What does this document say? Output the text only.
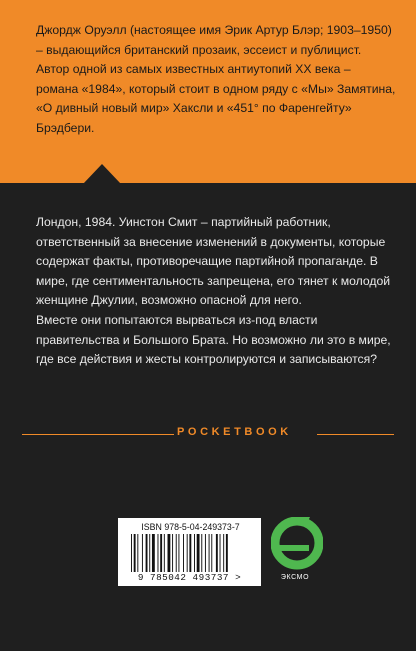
Джордж Оруэлл (настоящее имя Эрик Артур Блэр; 1903–1950) – выдающийся британский прозаик, эссеист и публицист. Автор одной из самых известных антиутопий XX века – романа «1984», который стоит в одном ряду с «Мы» Замятина, «О дивный новый мир» Хаксли и «451° по Фаренгейту» Брэдбери.

Лондон, 1984. Уинстон Смит – партийный работник, ответственный за внесение изменений в документы, которые содержат факты, противоречащие партийной пропаганде. В мире, где сентиментальность запрещена, его тянет к молодой женщине Джулии, возможно опасной для него.

Вместе они попытаются вырваться из-под власти правительства и Большого Брата. Но возможно ли это в мире, где все действия и жесты контролируются и записываются?

POCKETBOOK
ISBN 978-5-04-249373-7
9 785042 493737 >	ЭКСМО
